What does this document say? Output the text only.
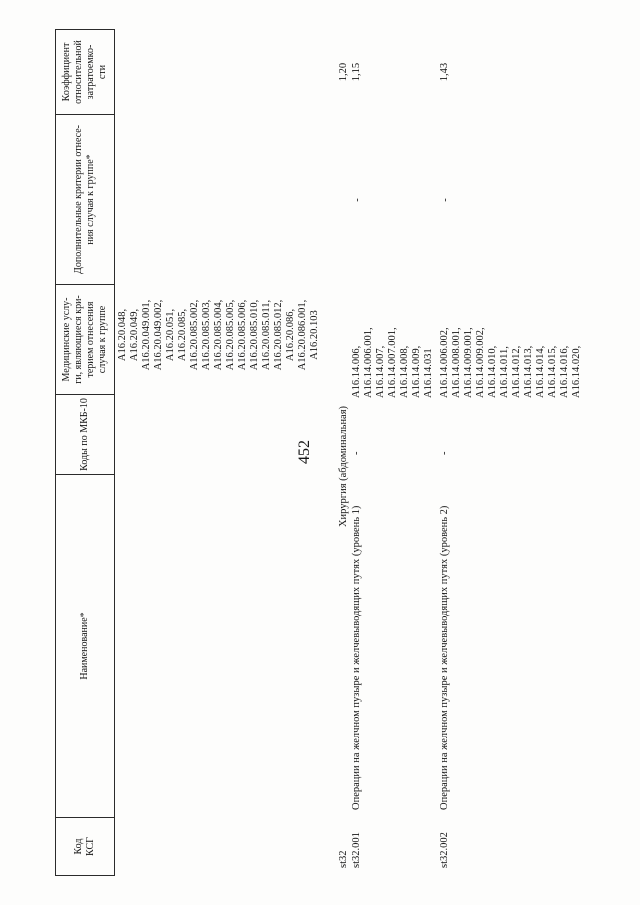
452
Код КСГ
Наименование*
Коды по МКБ-10
Медицинские услу- ги, являющиеся кри- терием отнесения случая к группе
Дополнительные критерии отнесе- ния случая к группе*
Коэффициент относительной затратоемко- сти
A16.20.048, A16.20.049, A16.20.049.001, A16.20.049.002, A16.20.051, A16.20.085, A16.20.085.002, A16.20.085.003, A16.20.085.004, A16.20.085.005, A16.20.085.006, A16.20.085.010, A16.20.085.011, A16.20.085.012, A16.20.086, A16.20.086.001, A16.20.103
st32
Хирургия (абдоминальная)
1,20
st32.001
Операции на желчном пузыре и желчевыводящих путях (уровень 1)
-
A16.14.006, A16.14.006.001, A16.14.007, A16.14.007.001, A16.14.008, A16.14.009, A16.14.031
-
1,15
st32.002
Операции на желчном пузыре и желчевыводящих путях (уровень 2)
-
A16.14.006.002, A16.14.008.001, A16.14.009.001, A16.14.009.002, A16.14.010, A16.14.011, A16.14.012, A16.14.013, A16.14.014, A16.14.015, A16.14.016, A16.14.020,
-
1,43
